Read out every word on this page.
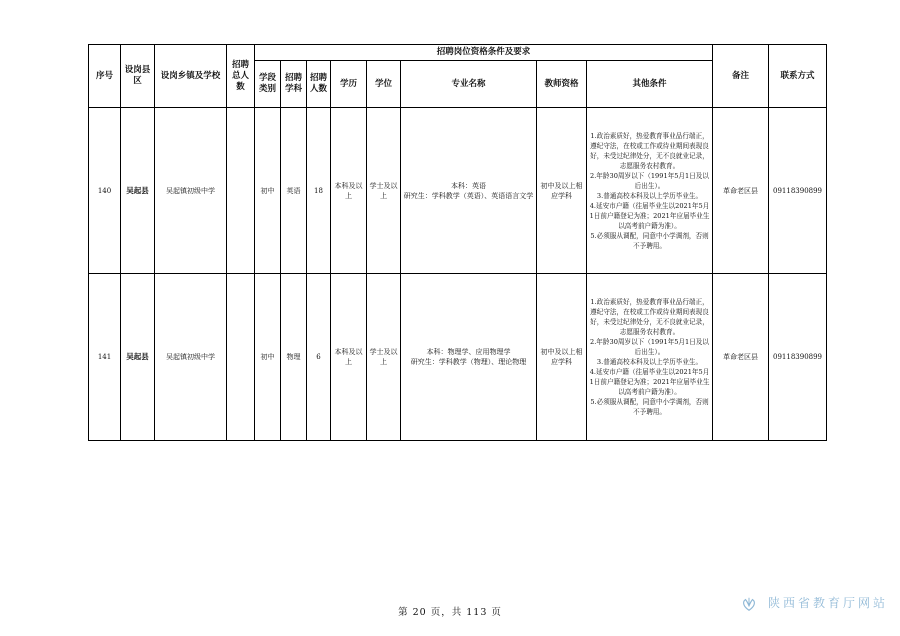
序号	设岗县区	设岗乡镇及学校	招聘总人数	招聘岗位资格条件及要求								备注	联系方式
				学段类别	招聘学科	招聘人数	学历	学位	专业名称	教师资格	其他条件		
140	吴起县	吴起镇初级中学		初中	英语	18	本科及以上	学士及以上	本科：英语
研究生：学科教学（英语）、英语语言文学	初中及以上相应学科	1.政治素质好，热爱教育事业品行端正，遵纪守法，在校或工作或待业期间表现良好，未受过纪律处分，无不良就业记录，志愿服务农村教育。
2.年龄30周岁以下（1991年5月1日及以后出生）。
3.普通高校本科及以上学历毕业生。
4.延安市户籍（往届毕业生以2021年5月1日前户籍登记为准；2021年应届毕业生以高考前户籍为准）。
5.必须服从调配，同意中小学调剂，否则不予聘用。	革命老区县	09118390899
141	吴起县	吴起镇初级中学		初中	物理	6	本科及以上	学士及以上	本科：物理学、应用物理学
研究生：学科教学（物理）、理论物理	初中及以上相应学科	1.政治素质好，热爱教育事业品行端正，遵纪守法，在校或工作或待业期间表现良好，未受过纪律处分，无不良就业记录，志愿服务农村教育。
2.年龄30周岁以下（1991年5月1日及以后出生）。
3.普通高校本科及以上学历毕业生。
4.延安市户籍（往届毕业生以2021年5月1日前户籍登记为准；2021年应届毕业生以高考前户籍为准）。
5.必须服从调配，同意中小学调剂，否则不予聘用。	革命老区县	09118390899
第 20 页，共 113 页
陕西省教育厅网站
